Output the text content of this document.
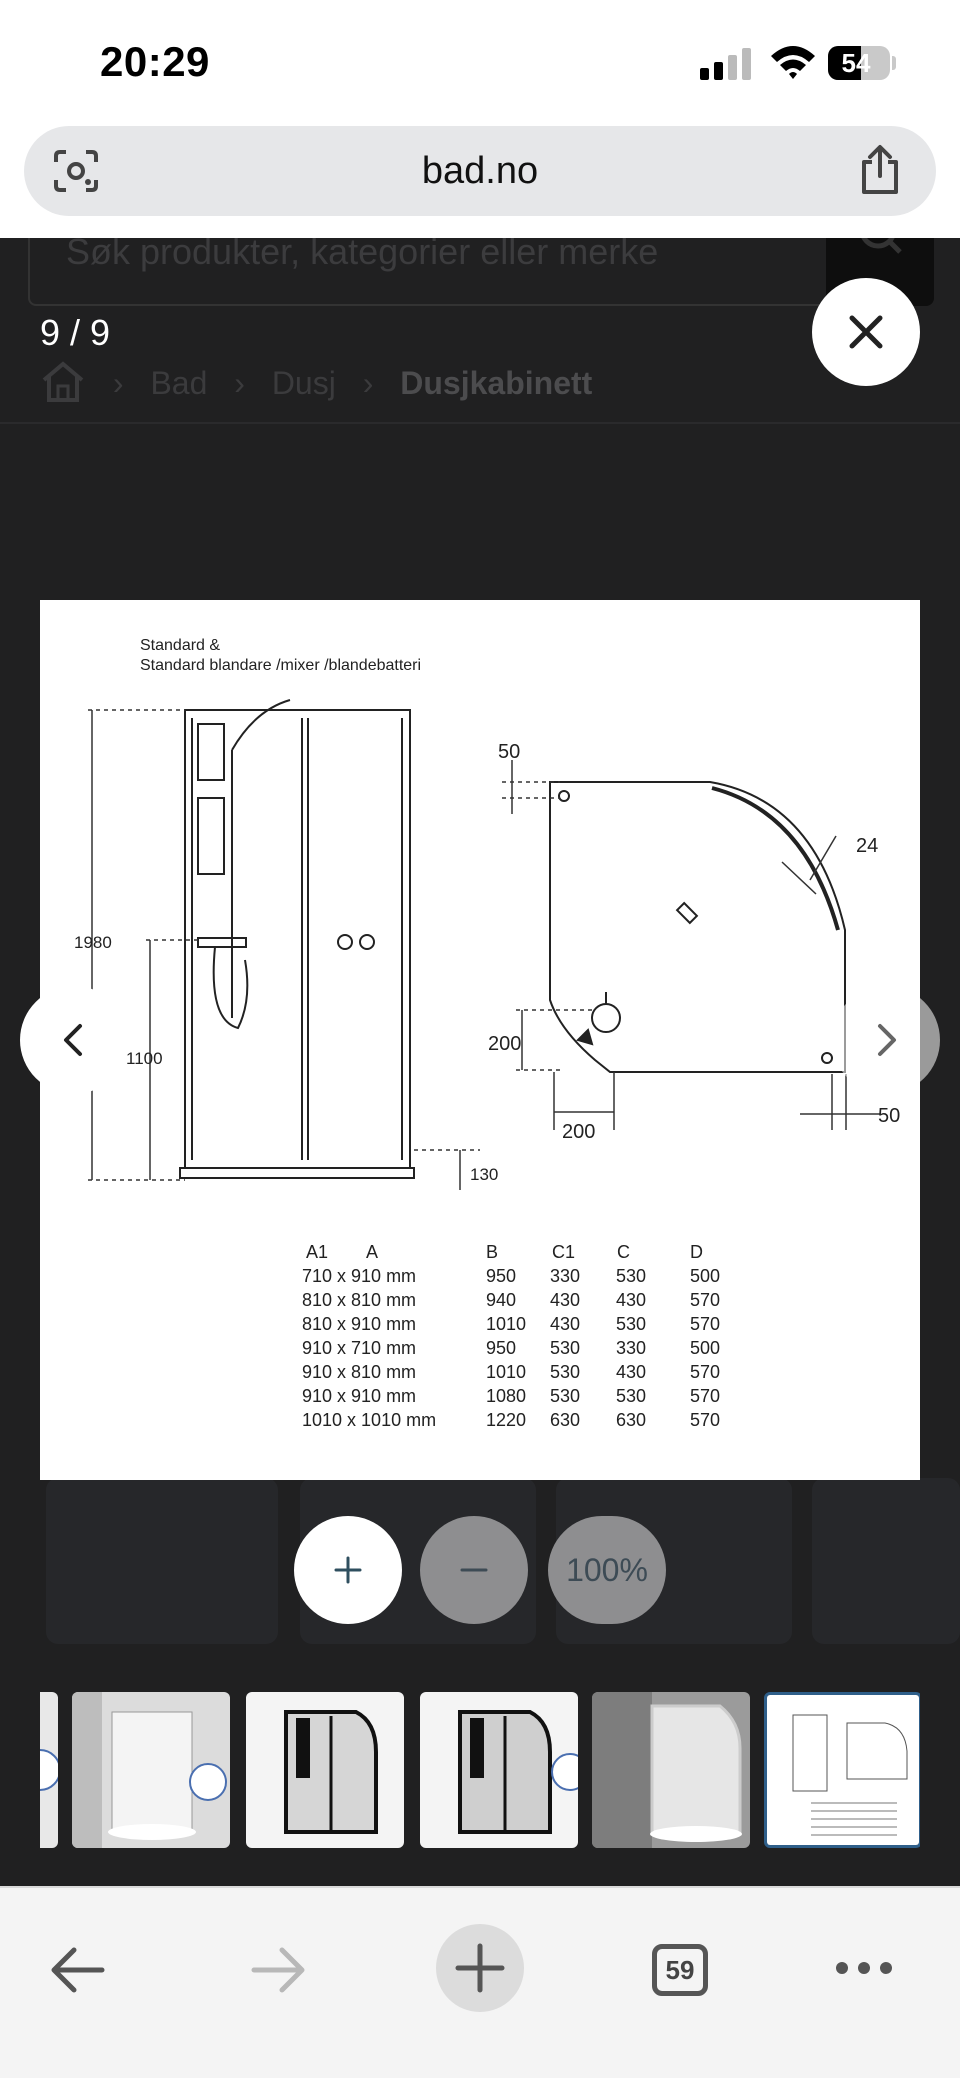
20:29	54
bad.no
Søk produkter, kategorier eller merke
› Bad › Dusj › Dusjkabinett
9 / 9
Standard &
Standard blandare /mixer /blandebatteri
1980
1100
130
50
24
200
200
50
A1 A	B	C1 C	D
710 x 910 mm	950 330 530 500
810 x 810 mm	940 430 430 570
810 x 910 mm	1010 430 530 570
910 x 710 mm	950 530 330 500
910 x 810 mm	1010 530 430 570
910 x 910 mm	1080 530 530 570
1010 x 1010 mm	1220 630 630 570
100%
59
